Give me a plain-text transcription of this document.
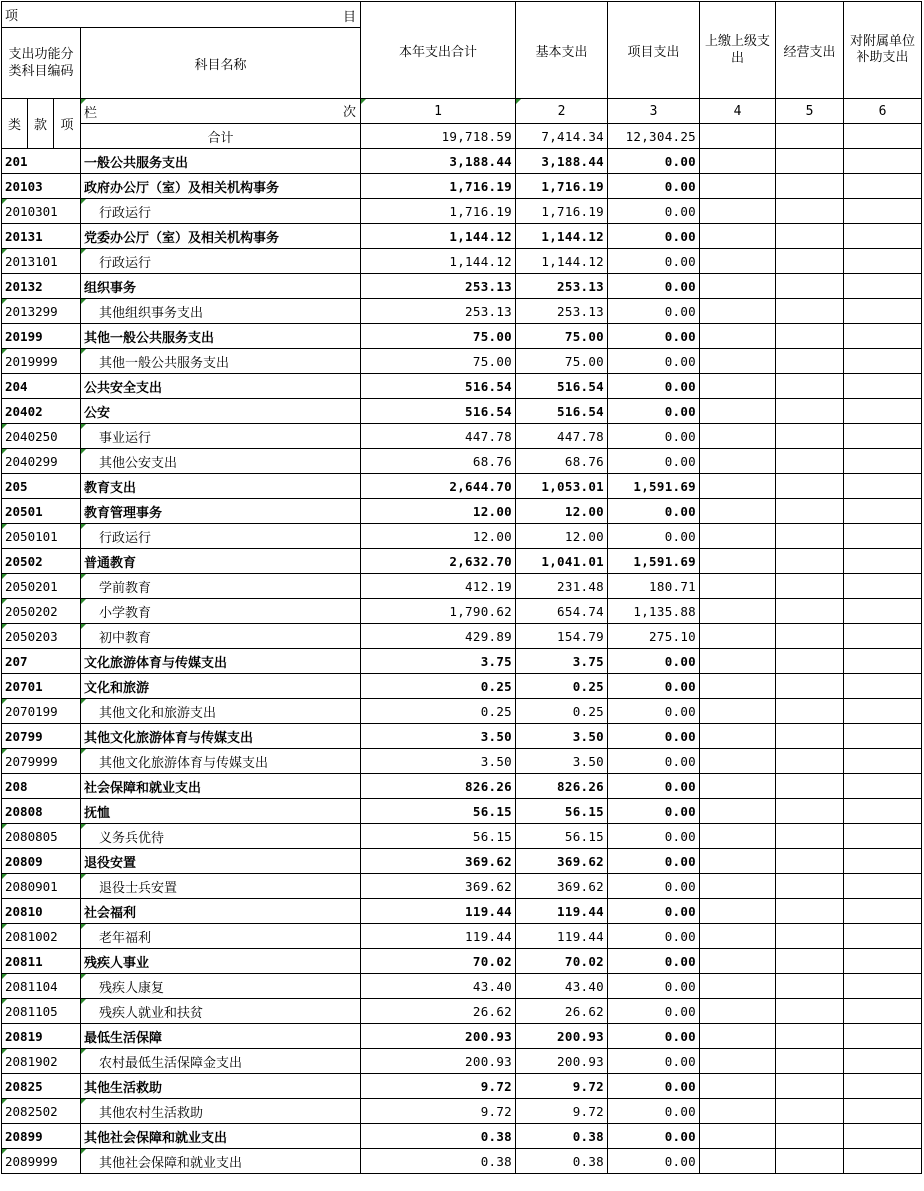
项 目				本年支出合计	基本支出	项目支出	上缴上级支出	经营支出	对附属单位补助支出
支出功能分类科目编码			科目名称						

类	款	项	栏 次	1	2	3	4	5	6
			合计	19,718.59	7,414.34	12,304.25			
201			一般公共服务支出	3,188.44	3,188.44	0.00			
20103			政府办公厅（室）及相关机构事务	1,716.19	1,716.19	0.00			
2010301			行政运行	1,716.19	1,716.19	0.00			
20131			党委办公厅（室）及相关机构事务	1,144.12	1,144.12	0.00			
2013101			行政运行	1,144.12	1,144.12	0.00			
20132			组织事务	253.13	253.13	0.00			
2013299			其他组织事务支出	253.13	253.13	0.00			
20199			其他一般公共服务支出	75.00	75.00	0.00			
2019999			其他一般公共服务支出	75.00	75.00	0.00			
204			公共安全支出	516.54	516.54	0.00			
20402			公安	516.54	516.54	0.00			
2040250			事业运行	447.78	447.78	0.00			
2040299			其他公安支出	68.76	68.76	0.00			
205			教育支出	2,644.70	1,053.01	1,591.69			
20501			教育管理事务	12.00	12.00	0.00			
2050101			行政运行	12.00	12.00	0.00			
20502			普通教育	2,632.70	1,041.01	1,591.69			
2050201			学前教育	412.19	231.48	180.71			
2050202			小学教育	1,790.62	654.74	1,135.88			
2050203			初中教育	429.89	154.79	275.10			
207			文化旅游体育与传媒支出	3.75	3.75	0.00			
20701			文化和旅游	0.25	0.25	0.00			
2070199			其他文化和旅游支出	0.25	0.25	0.00			
20799			其他文化旅游体育与传媒支出	3.50	3.50	0.00			
2079999			其他文化旅游体育与传媒支出	3.50	3.50	0.00			
208			社会保障和就业支出	826.26	826.26	0.00			
20808			抚恤	56.15	56.15	0.00			
2080805			义务兵优待	56.15	56.15	0.00			
20809			退役安置	369.62	369.62	0.00			
2080901			退役士兵安置	369.62	369.62	0.00			
20810			社会福利	119.44	119.44	0.00			
2081002			老年福利	119.44	119.44	0.00			
20811			残疾人事业	70.02	70.02	0.00			
2081104			残疾人康复	43.40	43.40	0.00			
2081105			残疾人就业和扶贫	26.62	26.62	0.00			
20819			最低生活保障	200.93	200.93	0.00			
2081902			农村最低生活保障金支出	200.93	200.93	0.00			
20825			其他生活救助	9.72	9.72	0.00			
2082502			其他农村生活救助	9.72	9.72	0.00			
20899			其他社会保障和就业支出	0.38	0.38	0.00			
2089999			其他社会保障和就业支出	0.38	0.38	0.00			
